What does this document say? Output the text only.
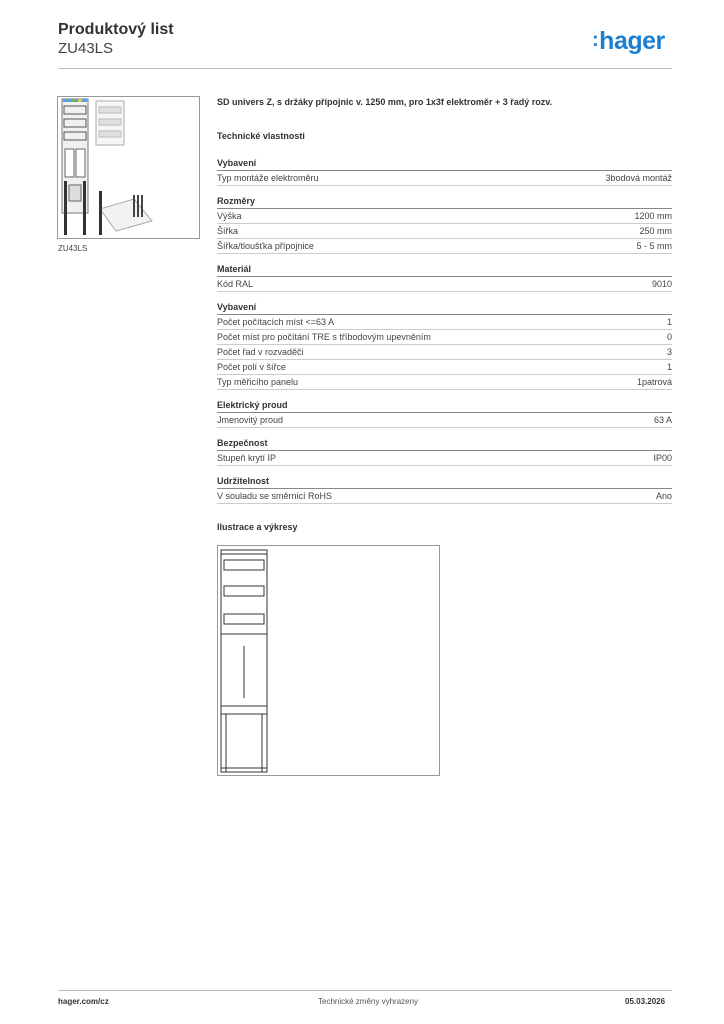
Produktový list
ZU43LS	:hager
ZU43LS
SD univers Z, s držáky přípojnic v. 1250 mm, pro 1x3f elektroměr + 3 řadý rozv.
Technické vlastnosti
Vybavení
Typ montáže elektroměru	3bodová montáž
Rozměry
Výška	1200 mm
Šířka	250 mm
Šířka/tloušťka přípojnice	5 - 5 mm
Materiál
Kód RAL	9010
Vybavení
Počet počítacích míst <=63 A	1
Počet míst pro počítání TRE s tříbodovým upevněním	0
Počet řad v rozvaděči	3
Počet polí v šířce	1
Typ měřicího panelu	1patrová
Elektrický proud
Jmenovitý proud	63 A
Bezpečnost
Stupeň krytí IP	IP00
Udržitelnost
V souladu se směrnicí RoHS	Ano
Ilustrace a výkresy
hager.com/cz	Technické změny vyhrazeny	05.03.2026
